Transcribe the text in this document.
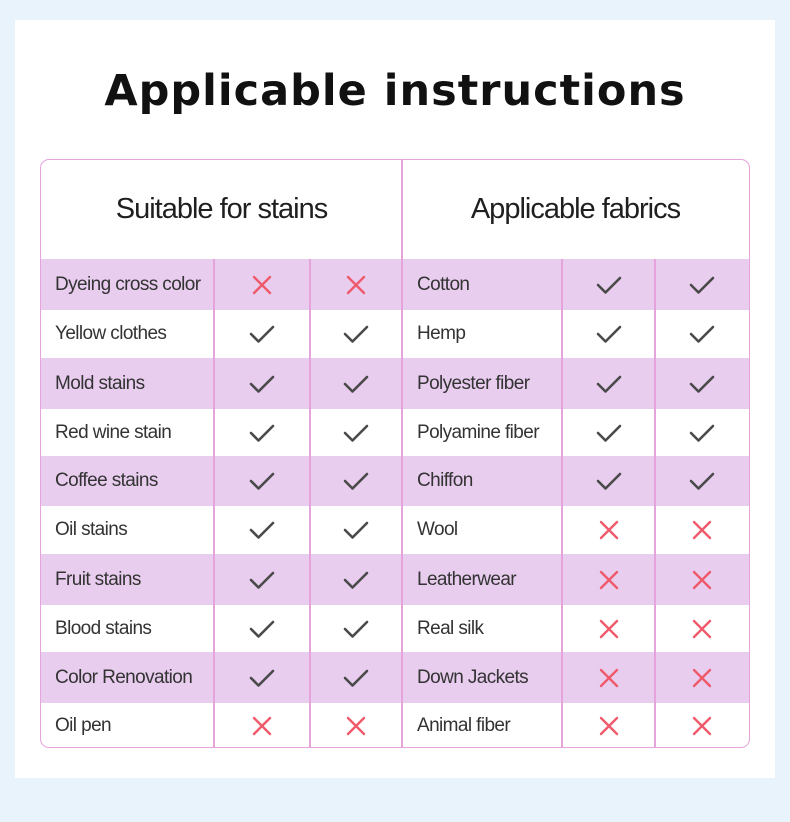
Applicable instructions
Suitable for stains	Applicable fabrics
Dyeing cross color	Cotton
Yellow clothes	Hemp
Mold stains	Polyester fiber
Red wine stain	Polyamine fiber
Coffee stains	Chiffon
Oil stains	Wool
Fruit stains	Leatherwear
Blood stains	Real silk
Color Renovation	Down Jackets
Oil pen	Animal fiber
